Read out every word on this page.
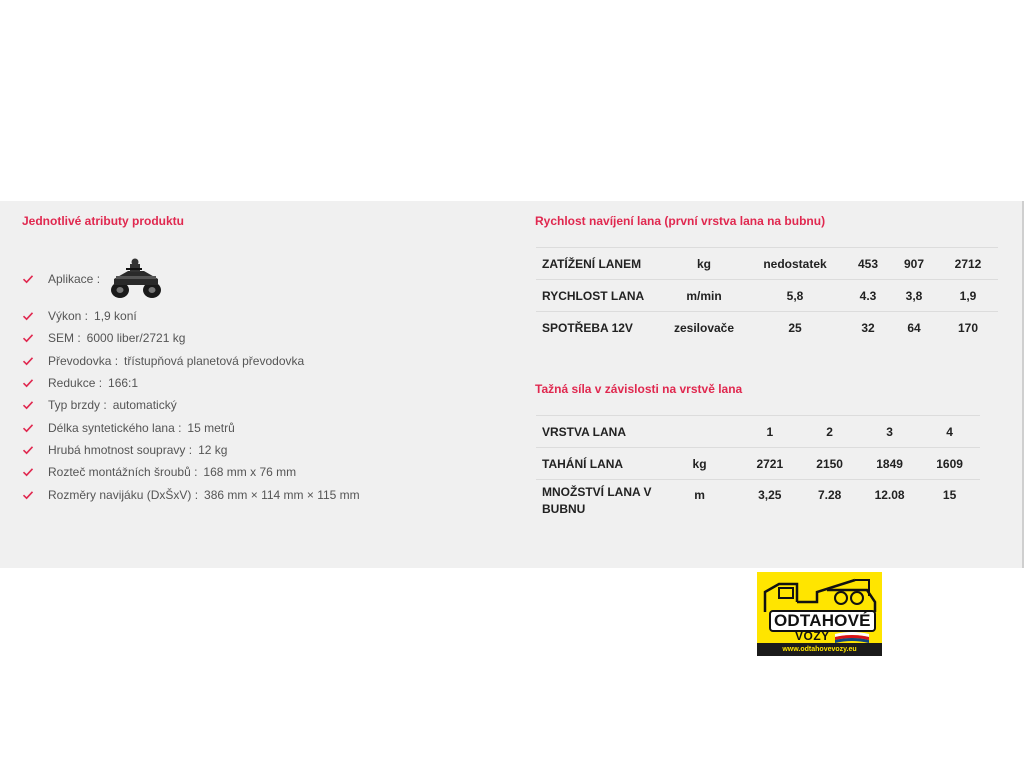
Jednotlivé atributy produktu
Aplikace :
Výkon : 1,9 koní
SEM : 6000 liber/2721 kg
Převodovka : třístupňová planetová převodovka
Redukce : 166:1
Typ brzdy : automatický
Délka syntetického lana : 15 metrů
Hrubá hmotnost soupravy : 12 kg
Rozteč montážních šroubů : 168 mm x 76 mm
Rozměry navijáku (DxŠxV) : 386 mm × 114 mm × 115 mm
Rychlost navíjení lana (první vrstva lana na bubnu)
ZATÍŽENÍ LANEM	kg	nedostatek	453	907	2712
RYCHLOST LANA	m/min	5,8	4.3	3,8	1,9
SPOTŘEBA 12V	zesilovače	25	32	64	170
Tažná síla v závislosti na vrstvě lana
VRSTVA LANA		1	2	3	4
TAHÁNÍ LANA	kg	2721	2150	1849	1609
MNOŽSTVÍ LANA V BUBNU	m	3,25	7.28	12.08	15
ODTAHOVÉ
VOZY
www.odtahovevozy.eu
